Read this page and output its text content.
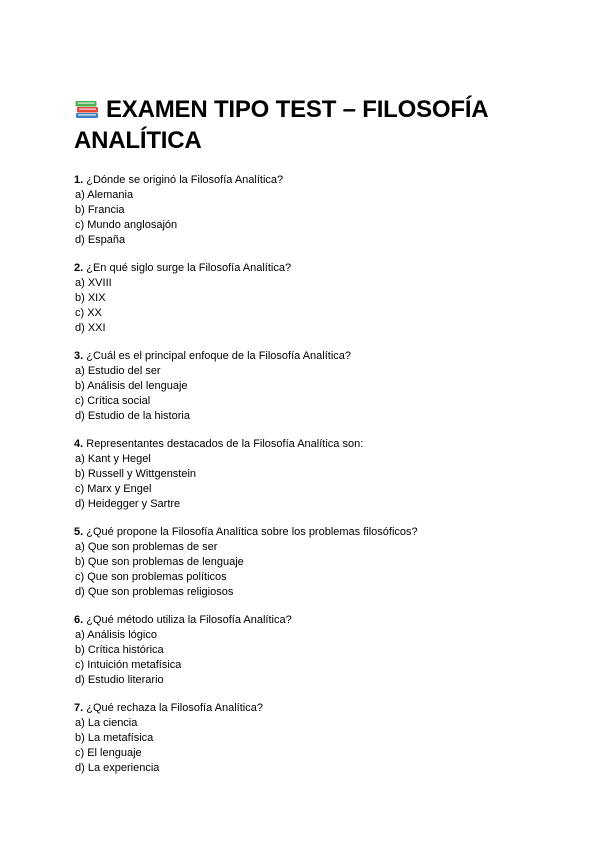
EXAMEN TIPO TEST – FILOSOFÍA ANALÍTICA
1. ¿Dónde se originó la Filosofía Analítica?
a) Alemania
b) Francia
c) Mundo anglosajón
d) España
2. ¿En qué siglo surge la Filosofía Analítica?
a) XVIII
b) XIX
c) XX
d) XXI
3. ¿Cuál es el principal enfoque de la Filosofía Analítica?
a) Estudio del ser
b) Análisis del lenguaje
c) Crítica social
d) Estudio de la historia
4. Representantes destacados de la Filosofía Analítica son:
a) Kant y Hegel
b) Russell y Wittgenstein
c) Marx y Engel
d) Heidegger y Sartre
5. ¿Qué propone la Filosofía Analítica sobre los problemas filosóficos?
a) Que son problemas de ser
b) Que son problemas de lenguaje
c) Que son problemas políticos
d) Que son problemas religiosos
6. ¿Qué método utiliza la Filosofía Analítica?
a) Análisis lógico
b) Crítica histórica
c) Intuición metafísica
d) Estudio literario
7. ¿Qué rechaza la Filosofía Analítica?
a) La ciencia
b) La metafísica
c) El lenguaje
d) La experiencia
